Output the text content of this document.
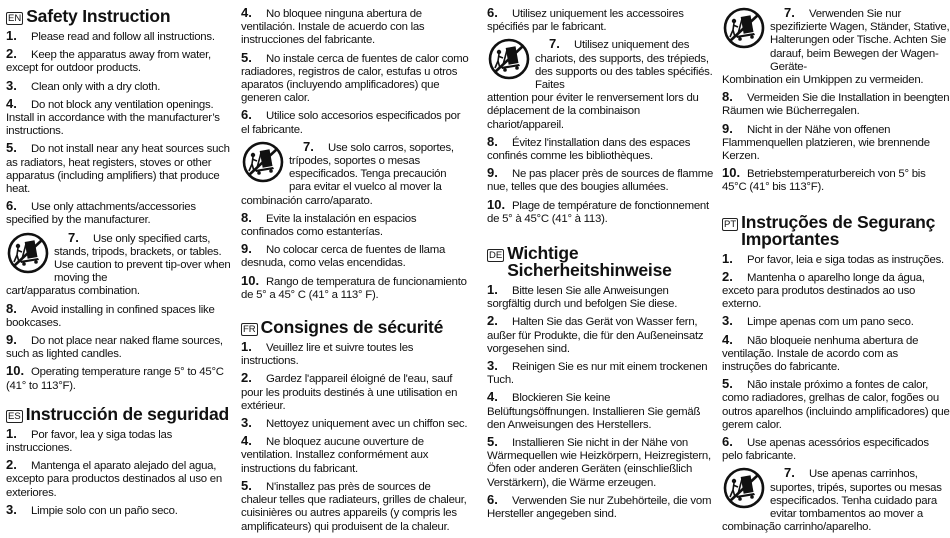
EN Safety Instruction
1. Please read and follow all instructions.
2. Keep the apparatus away from water, except for outdoor products.
3. Clean only with a dry cloth.
4. Do not block any ventilation openings. Install in accordance with the manufacturer’s instructions.
5. Do not install near any heat sources such as radiators, heat registers, stoves or other apparatus (including amplifiers) that produce heat.
6. Use only attachments/accessories specified by the manufacturer.
7. Use only specified carts, stands, tripods, brackets, or tables. Use caution to prevent tip-over when moving the
cart/apparatus combination.
8. Avoid installing in confined spaces like bookcases.
9. Do not place near naked flame sources, such as lighted candles.
10. Operating temperature range 5° to 45°C (41° to 113°F).
ES Instrucción de seguridad
1. Por favor, lea y siga todas las instrucciones.
2. Mantenga el aparato alejado del agua, excepto para productos destinados al uso en exteriores.
3. Limpie solo con un paño seco.
4. No bloquee ninguna abertura de ventilación. Instale de acuerdo con las instrucciones del fabricante.
5. No instale cerca de fuentes de calor como radiadores, registros de calor, estufas u otros aparatos (incluyendo amplificadores) que generen calor.
6. Utilice solo accesorios especificados por el fabricante.
7. Use solo carros, soportes, trípodes, soportes o mesas especificados. Tenga precaución para evitar el vuelco al mover la
combinación carro/aparato.
8. Evite la instalación en espacios confinados como estanterías.
9. No colocar cerca de fuentes de llama desnuda, como velas encendidas.
10. Rango de temperatura de funcionamiento de 5° a 45° C (41° a 113° F).
FR Consignes de sécurité
1. Veuillez lire et suivre toutes les instructions.
2. Gardez l'appareil éloigné de l'eau, sauf pour les produits destinés à une utilisation en extérieur.
3. Nettoyez uniquement avec un chiffon sec.
4. Ne bloquez aucune ouverture de ventilation. Installez conformément aux instructions du fabricant.
5. N'installez pas près de sources de chaleur telles que radiateurs, grilles de chaleur, cuisinières ou autres appareils (y compris les amplificateurs) qui produisent de la chaleur.
6. Utilisez uniquement les accessoires spécifiés par le fabricant.
7. Utilisez uniquement des chariots, des supports, des trépieds, des supports ou des tables spécifiés. Faites
attention pour éviter le renversement lors du déplacement de la combinaison chariot/appareil.
8. Évitez l'installation dans des espaces confinés comme les bibliothèques.
9. Ne pas placer près de sources de flamme nue, telles que des bougies allumées.
10. Plage de température de fonctionnement de 5° à 45°C (41° à 113).
DE Wichtige Sicherheitshinweise
1. Bitte lesen Sie alle Anweisungen sorgfältig durch und befolgen Sie diese.
2. Halten Sie das Gerät von Wasser fern, außer für Produkte, die für den Außeneinsatz vorgesehen sind.
3. Reinigen Sie es nur mit einem trockenen Tuch.
4. Blockieren Sie keine Belüftungsöffnungen. Installieren Sie gemäß den Anweisungen des Herstellers.
5. Installieren Sie nicht in der Nähe von Wärmequellen wie Heizkörpern, Heizregistern, Öfen oder anderen Geräten (einschließlich Verstärkern), die Wärme erzeugen.
6. Verwenden Sie nur Zubehörteile, die vom Hersteller angegeben sind.
7. Verwenden Sie nur spezifizierte Wagen, Ständer, Stative, Halterungen oder Tische. Achten Sie darauf, beim Bewegen der Wagen-Geräte-
Kombination ein Umkippen zu vermeiden.
8. Vermeiden Sie die Installation in beengten Räumen wie Bücherregalen.
9. Nicht in der Nähe von offenen Flammenquellen platzieren, wie brennende Kerzen.
10. Betriebstemperaturbereich von 5° bis 45°C (41° bis 113°F).
PT Instruções de Seguranç Importantes
1. Por favor, leia e siga todas as instruções.
2. Mantenha o aparelho longe da água, exceto para produtos destinados ao uso externo.
3. Limpe apenas com um pano seco.
4. Não bloqueie nenhuma abertura de ventilação. Instale de acordo com as instruções do fabricante.
5. Não instale próximo a fontes de calor, como radiadores, grelhas de calor, fogões ou outros aparelhos (incluindo amplificadores) que gerem calor.
6. Use apenas acessórios especificados pelo fabricante.
7. Use apenas carrinhos, suportes, tripés, suportes ou mesas especificados. Tenha cuidado para evitar tombamentos ao mover a
combinação carrinho/aparelho.
